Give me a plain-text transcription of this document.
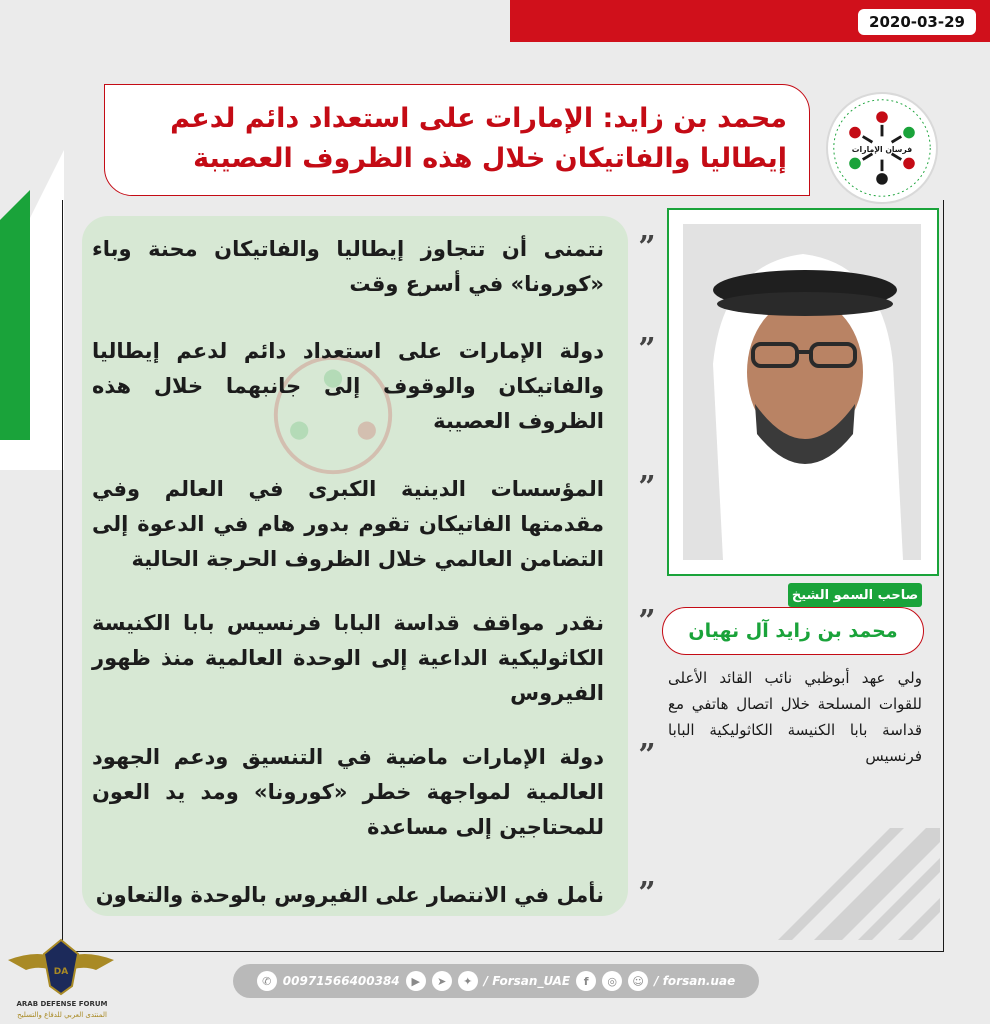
2020-03-29
محمد بن زايد: الإمارات على استعداد دائم لدعم إيطاليا والفاتيكان خلال هذه الظروف العصيبة	فرسان الإمارات
”
نتمنى أن تتجاوز إيطاليا والفاتيكان محنة وباء «كورونا» في أسرع وقت
”
دولة الإمارات على استعداد دائم لدعم إيطاليا والفاتيكان والوقوف إلى جانبهما خلال هذه الظروف العصيبة
”
المؤسسات الدينية الكبرى في العالم وفي مقدمتها الفاتيكان تقوم بدور هام في الدعوة إلى التضامن العالمي خلال الظروف الحرجة الحالية
”
نقدر مواقف قداسة البابا فرنسيس بابا الكنيسة الكاثوليكية الداعية إلى الوحدة العالمية منذ ظهور الفيروس
”
دولة الإمارات ماضية في التنسيق ودعم الجهود العالمية لمواجهة خطر «كورونا» ومد يد العون للمحتاجين إلى مساعدة
”
نأمل في الانتصار على الفيروس بالوحدة والتعاون
صاحب السمو الشيخ
محمد بن زايد آل نهيان
ولي عهد أبوظبي نائب القائد الأعلى للقوات المسلحة خلال اتصال هاتفي مع قداسة بابا الكنيسة الكاثوليكية البابا فرنسيس
✆ 00971566400384	▶	➤	✦ / Forsan_UAE	f	◎	☺ / forsan.uae
DA
ARAB DEFENSE FORUM
المنتدى العربي للدفاع والتسليح
